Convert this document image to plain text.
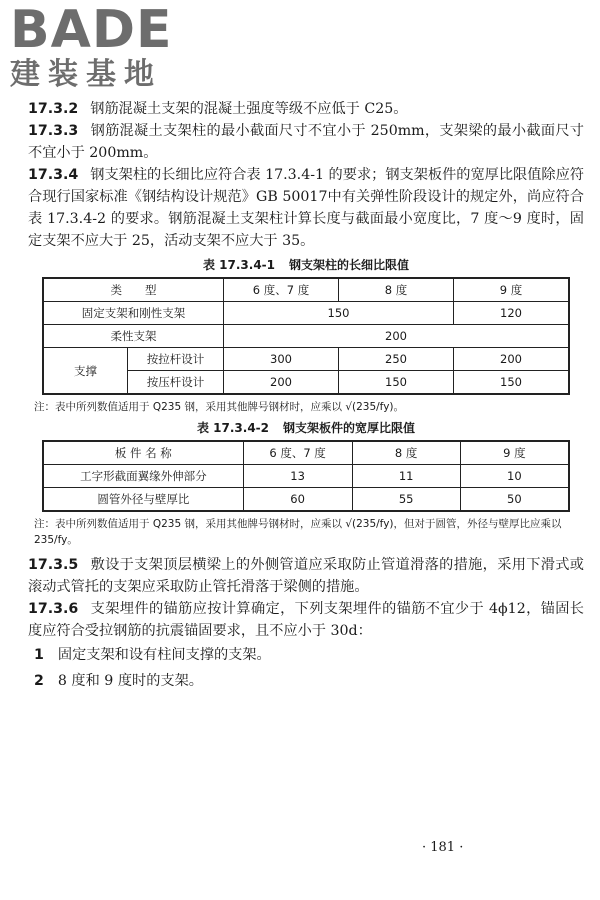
BADE
建装基地

17.3.2 钢筋混凝土支架的混凝土强度等级不应低于 C25。

17.3.3 钢筋混凝土支架柱的最小截面尺寸不宜小于 250mm，支架梁的最小截面尺寸不宜小于 200mm。

17.3.4 钢支架柱的长细比应符合表 17.3.4-1 的要求；钢支架板件的宽厚比限值除应符合现行国家标准《钢结构设计规范》GB 50017中有关弹性阶段设计的规定外，尚应符合表 17.3.4-2 的要求。钢筋混凝土支架柱计算长度与截面最小宽度比，7 度～9 度时，固定支架不应大于 25，活动支架不应大于 35。

表 17.3.4-1 钢支架柱的长细比限值
类　　型		6 度、7 度	8 度	9 度
固定支架和刚性支架		150		120
柔性支架		200		
支撑	按拉杆设计	300	250	200
	按压杆设计	200	150	150
注：表中所列数值适用于 Q235 钢，采用其他牌号钢材时，应乘以 √(235/fy)。
表 17.3.4-2 钢支架板件的宽厚比限值
板 件 名 称	6 度、7 度	8 度	9 度
工字形截面翼缘外伸部分	13	11	10
圆管外径与壁厚比	60	55	50
注：表中所列数值适用于 Q235 钢，采用其他牌号钢材时，应乘以 √(235/fy)，但对于圆管，外径与壁厚比应乘以 235/fy。

17.3.5 敷设于支架顶层横梁上的外侧管道应采取防止管道滑落的措施，采用下滑式或滚动式管托的支架应采取防止管托滑落于梁侧的措施。

17.3.6 支架埋件的锚筋应按计算确定，下列支架埋件的锚筋不宜少于 4ϕ12，锚固长度应符合受拉钢筋的抗震锚固要求，且不应小于 30d：

1 固定支架和设有柱间支撑的支架。
2 8 度和 9 度时的支架。
· 181 ·
